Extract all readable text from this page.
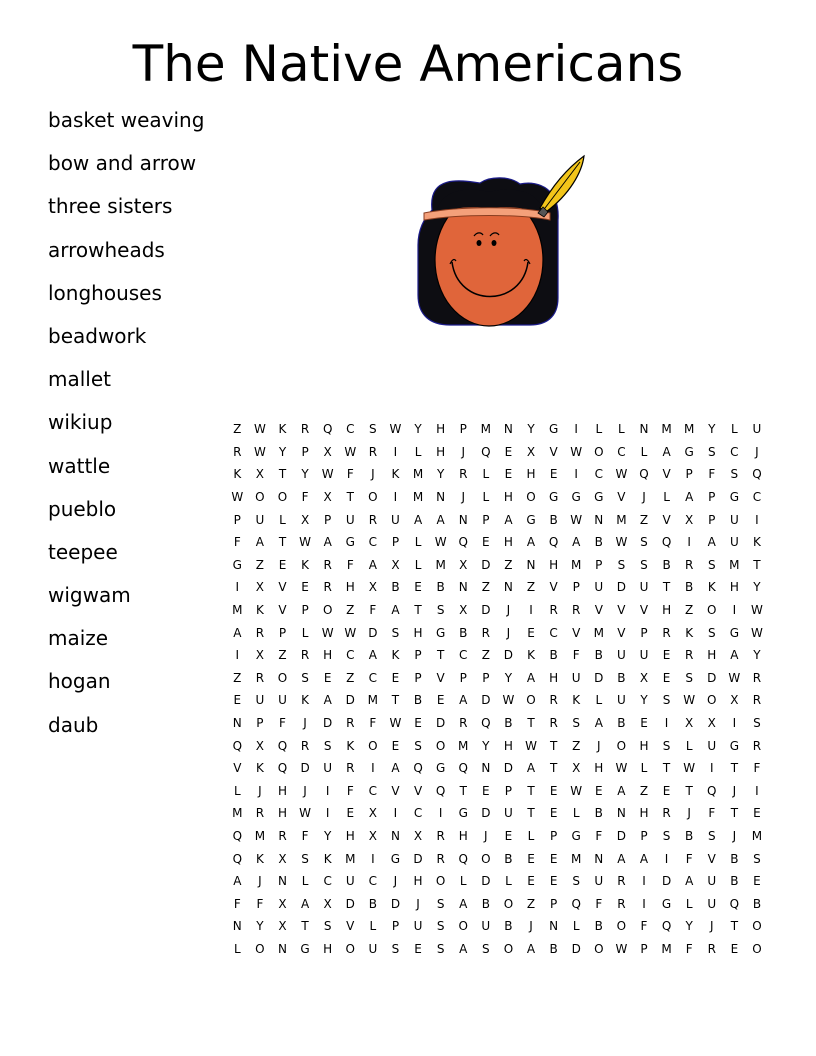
The Native Americans
basket weaving
bow and arrow
three sisters
arrowheads
longhouses
beadwork
mallet
wikiup
wattle
pueblo
teepee
wigwam
maize
hogan
daub
Z	W	K	R	Q	C	S	W	Y	H	P	M	N	Y	G	I	L	L	N	M	M	Y	L	U
R	W	Y	P	X	W	R	I	L	H	J	Q	E	X	V	W	O	C	L	A	G	S	C	J
K	X	T	Y	W	F	J	K	M	Y	R	L	E	H	E	I	C	W	Q	V	P	F	S	Q
W	O	O	F	X	T	O	I	M	N	J	L	H	O	G	G	G	V	J	L	A	P	G	C
P	U	L	X	P	U	R	U	A	A	N	P	A	G	B	W	N	M	Z	V	X	P	U	I
F	A	T	W	A	G	C	P	L	W	Q	E	H	A	Q	A	B	W	S	Q	I	A	U	K
G	Z	E	K	R	F	A	X	L	M	X	D	Z	N	H	M	P	S	S	B	R	S	M	T
I	X	V	E	R	H	X	B	E	B	N	Z	N	Z	V	P	U	D	U	T	B	K	H	Y
M	K	V	P	O	Z	F	A	T	S	X	D	J	I	R	R	V	V	V	H	Z	O	I	W
A	R	P	L	W	W	D	S	H	G	B	R	J	E	C	V	M	V	P	R	K	S	G	W
I	X	Z	R	H	C	A	K	P	T	C	Z	D	K	B	F	B	U	U	E	R	H	A	Y
Z	R	O	S	E	Z	C	E	P	V	P	P	Y	A	H	U	D	B	X	E	S	D	W	R
E	U	U	K	A	D	M	T	B	E	A	D	W	O	R	K	L	U	Y	S	W	O	X	R
N	P	F	J	D	R	F	W	E	D	R	Q	B	T	R	S	A	B	E	I	X	X	I	S
Q	X	Q	R	S	K	O	E	S	O	M	Y	H	W	T	Z	J	O	H	S	L	U	G	R
V	K	Q	D	U	R	I	A	Q	G	Q	N	D	A	T	X	H	W	L	T	W	I	T	F
L	J	H	J	I	F	C	V	V	Q	T	E	P	T	E	W	E	A	Z	E	T	Q	J	I
M	R	H	W	I	E	X	I	C	I	G	D	U	T	E	L	B	N	H	R	J	F	T	E
Q	M	R	F	Y	H	X	N	X	R	H	J	E	L	P	G	F	D	P	S	B	S	J	M
Q	K	X	S	K	M	I	G	D	R	Q	O	B	E	E	M	N	A	A	I	F	V	B	S
A	J	N	L	C	U	C	J	H	O	L	D	L	E	E	S	U	R	I	D	A	U	B	E
F	F	X	A	X	D	B	D	J	S	A	B	O	Z	P	Q	F	R	I	G	L	U	Q	B
N	Y	X	T	S	V	L	P	U	S	O	U	B	J	N	L	B	O	F	Q	Y	J	T	O
L	O	N	G	H	O	U	S	E	S	A	S	O	A	B	D	O	W	P	M	F	R	E	O
